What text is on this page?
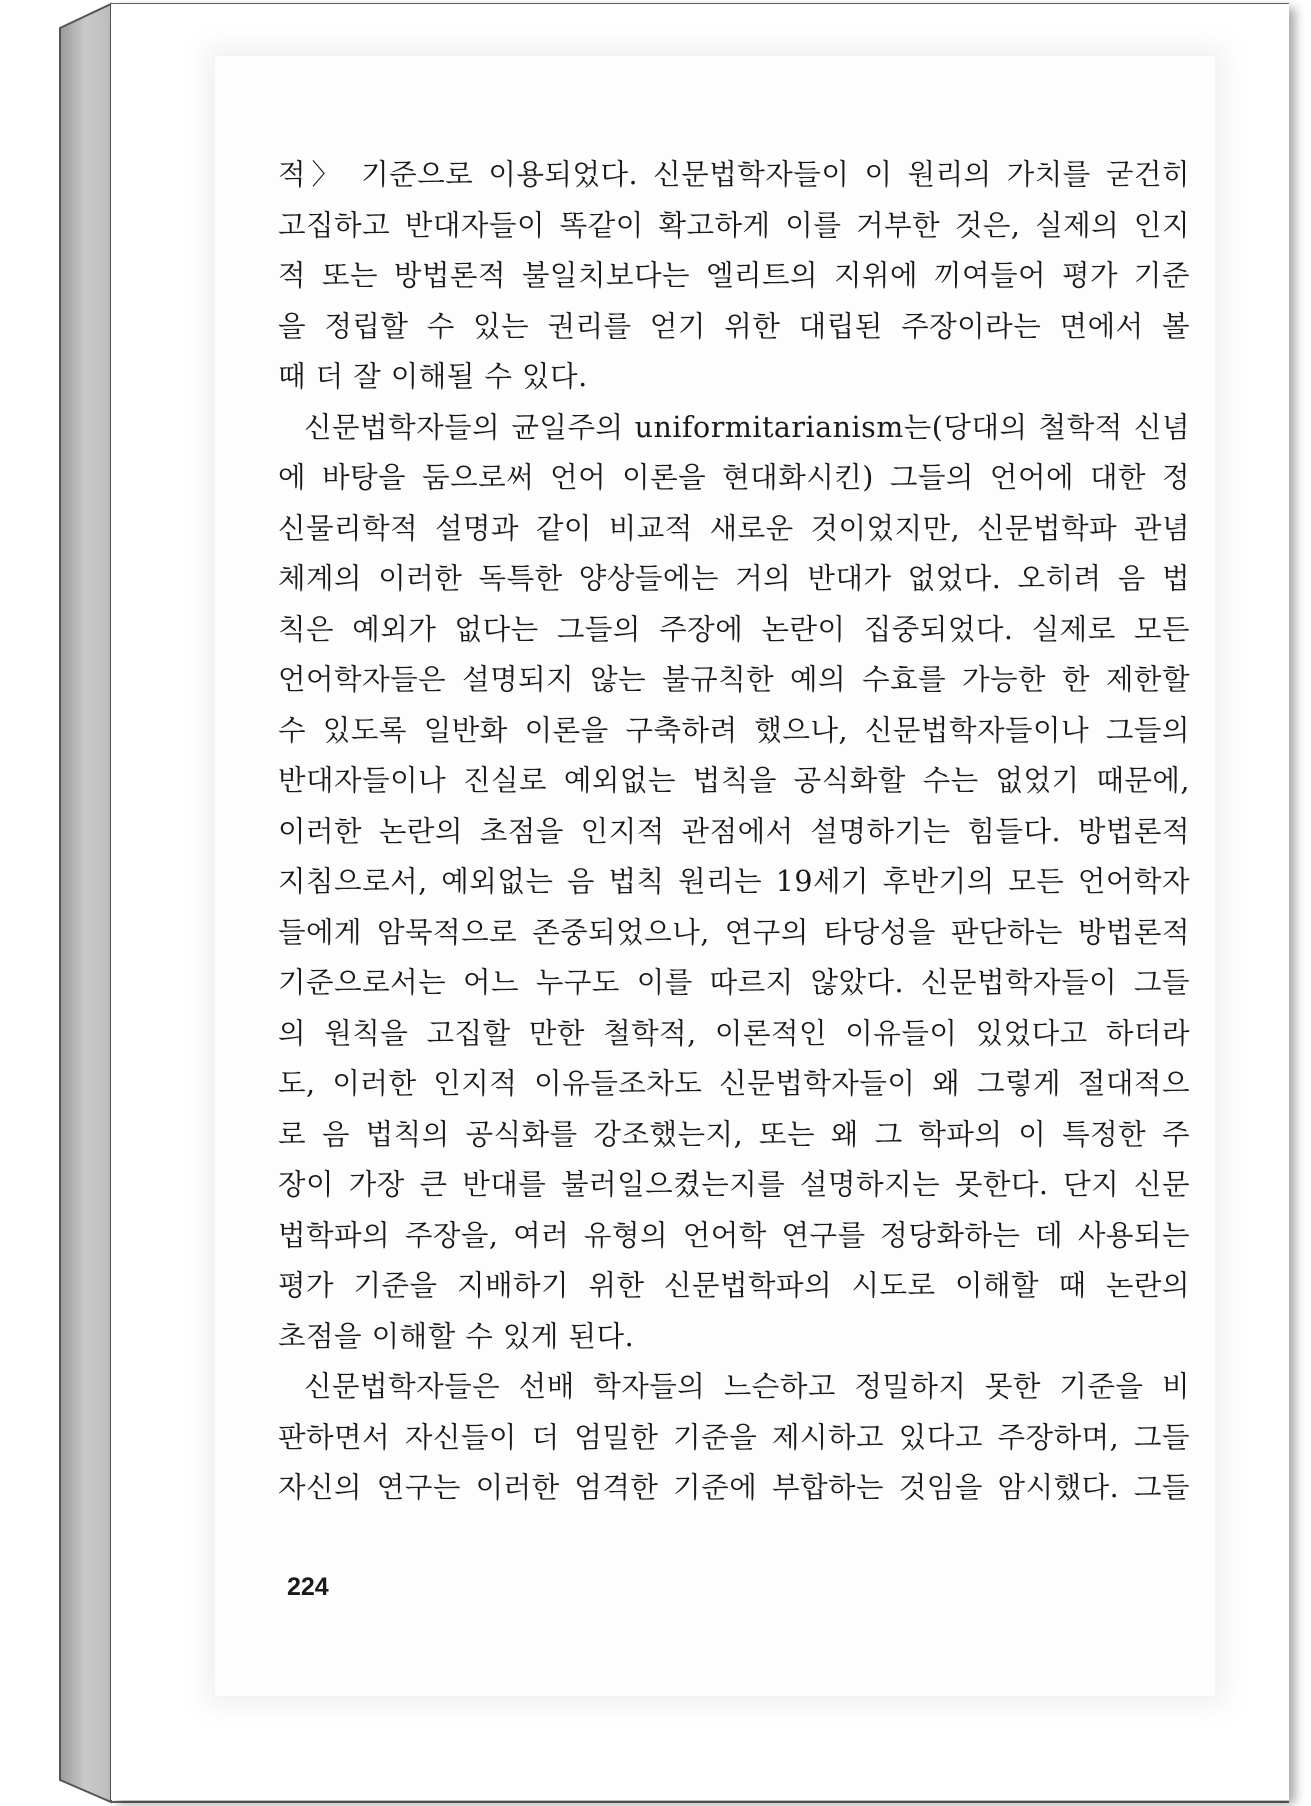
적〉 기준으로 이용되었다. 신문법학자들이 이 원리의 가치를 굳건히
고집하고 반대자들이 똑같이 확고하게 이를 거부한 것은, 실제의 인지
적 또는 방법론적 불일치보다는 엘리트의 지위에 끼여들어 평가 기준
을 정립할 수 있는 권리를 얻기 위한 대립된 주장이라는 면에서 볼
때 더 잘 이해될 수 있다.
신문법학자들의 균일주의 uniformitarianism는(당대의 철학적 신념
에 바탕을 둠으로써 언어 이론을 현대화시킨) 그들의 언어에 대한 정
신물리학적 설명과 같이 비교적 새로운 것이었지만, 신문법학파 관념
체계의 이러한 독특한 양상들에는 거의 반대가 없었다. 오히려 음 법
칙은 예외가 없다는 그들의 주장에 논란이 집중되었다. 실제로 모든
언어학자들은 설명되지 않는 불규칙한 예의 수효를 가능한 한 제한할
수 있도록 일반화 이론을 구축하려 했으나, 신문법학자들이나 그들의
반대자들이나 진실로 예외없는 법칙을 공식화할 수는 없었기 때문에,
이러한 논란의 초점을 인지적 관점에서 설명하기는 힘들다. 방법론적
지침으로서, 예외없는 음 법칙 원리는 19세기 후반기의 모든 언어학자
들에게 암묵적으로 존중되었으나, 연구의 타당성을 판단하는 방법론적
기준으로서는 어느 누구도 이를 따르지 않았다. 신문법학자들이 그들
의 원칙을 고집할 만한 철학적, 이론적인 이유들이 있었다고 하더라
도, 이러한 인지적 이유들조차도 신문법학자들이 왜 그렇게 절대적으
로 음 법칙의 공식화를 강조했는지, 또는 왜 그 학파의 이 특정한 주
장이 가장 큰 반대를 불러일으켰는지를 설명하지는 못한다. 단지 신문
법학파의 주장을, 여러 유형의 언어학 연구를 정당화하는 데 사용되는
평가 기준을 지배하기 위한 신문법학파의 시도로 이해할 때 논란의
초점을 이해할 수 있게 된다.
신문법학자들은 선배 학자들의 느슨하고 정밀하지 못한 기준을 비
판하면서 자신들이 더 엄밀한 기준을 제시하고 있다고 주장하며, 그들
자신의 연구는 이러한 엄격한 기준에 부합하는 것임을 암시했다. 그들
224
